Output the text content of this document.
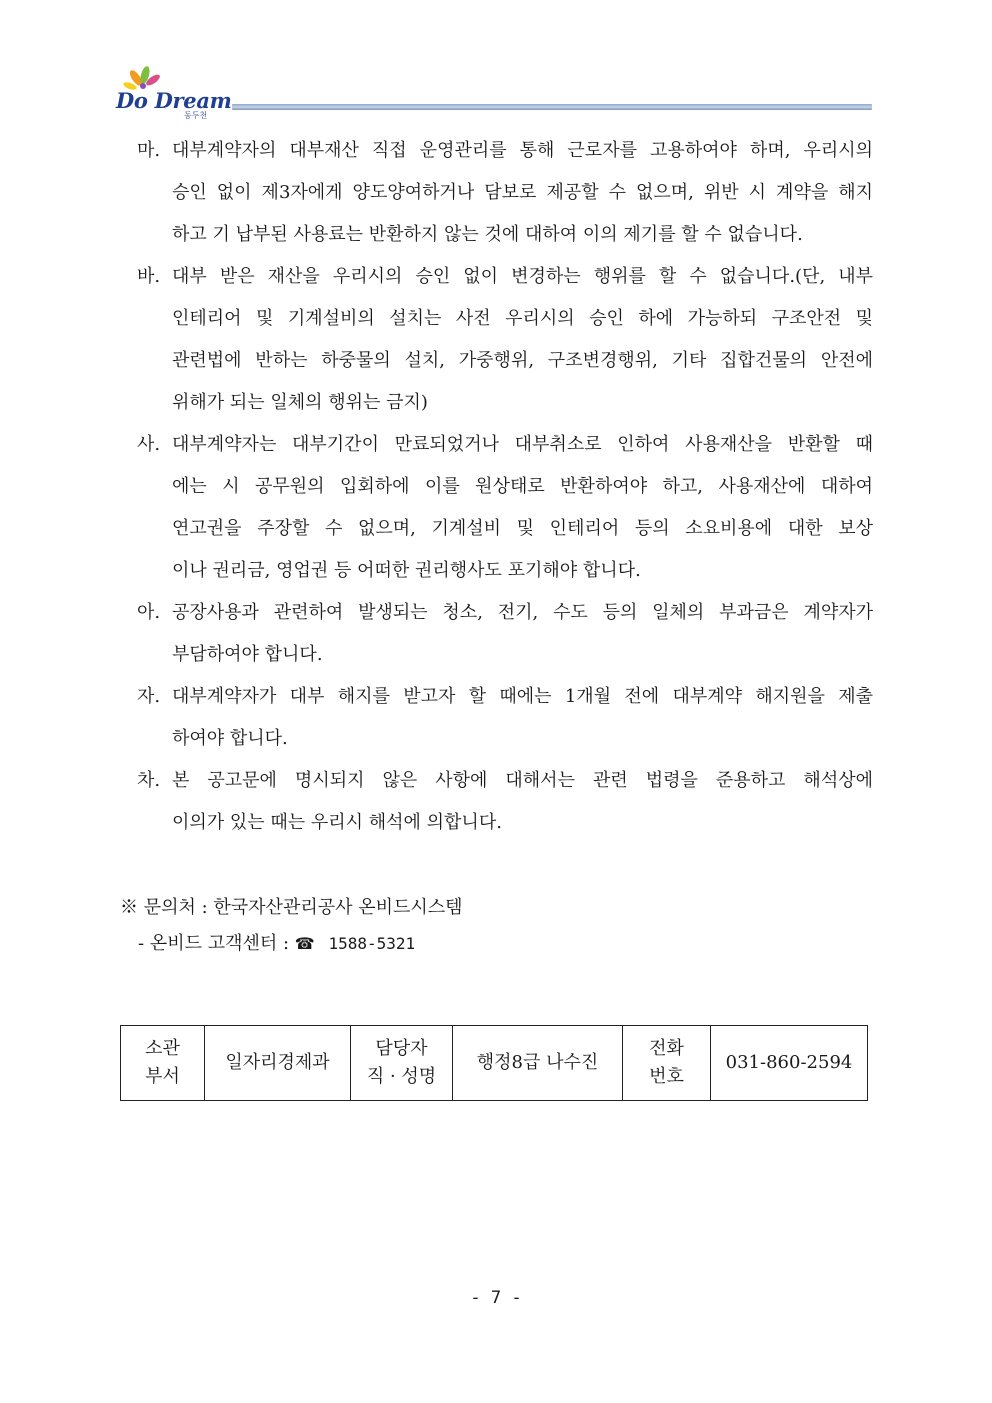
Do Dream
동두천
마. 대부계약자의 대부재산 직접 운영관리를 통해 근로자를 고용하여야 하며, 우리시의
승인 없이 제3자에게 양도양여하거나 담보로 제공할 수 없으며, 위반 시 계약을 해지
하고 기 납부된 사용료는 반환하지 않는 것에 대하여 이의 제기를 할 수 없습니다.
바. 대부 받은 재산을 우리시의 승인 없이 변경하는 행위를 할 수 없습니다.(단, 내부
인테리어 및 기계설비의 설치는 사전 우리시의 승인 하에 가능하되 구조안전 및
관련법에 반하는 하중물의 설치, 가중행위, 구조변경행위, 기타 집합건물의 안전에
위해가 되는 일체의 행위는 금지)
사. 대부계약자는 대부기간이 만료되었거나 대부취소로 인하여 사용재산을 반환할 때
에는 시 공무원의 입회하에 이를 원상태로 반환하여야 하고, 사용재산에 대하여
연고권을 주장할 수 없으며, 기계설비 및 인테리어 등의 소요비용에 대한 보상
이나 권리금, 영업권 등 어떠한 권리행사도 포기해야 합니다.
아. 공장사용과 관련하여 발생되는 청소, 전기, 수도 등의 일체의 부과금은 계약자가
부담하여야 합니다.
자. 대부계약자가 대부 해지를 받고자 할 때에는 1개월 전에 대부계약 해지원을 제출
하여야 합니다.
차. 본 공고문에 명시되지 않은 사항에 대해서는 관련 법령을 준용하고 해석상에
이의가 있는 때는 우리시 해석에 의합니다.
※ 문의처 : 한국자산관리공사 온비드시스템
- 온비드 고객센터 : ☎ 1588-5321
소관
부서
	일자리경제과	
담당자
직 · 성명
	행정8급 나수진	
전화
번호
	031-860-2594
- 7 -
